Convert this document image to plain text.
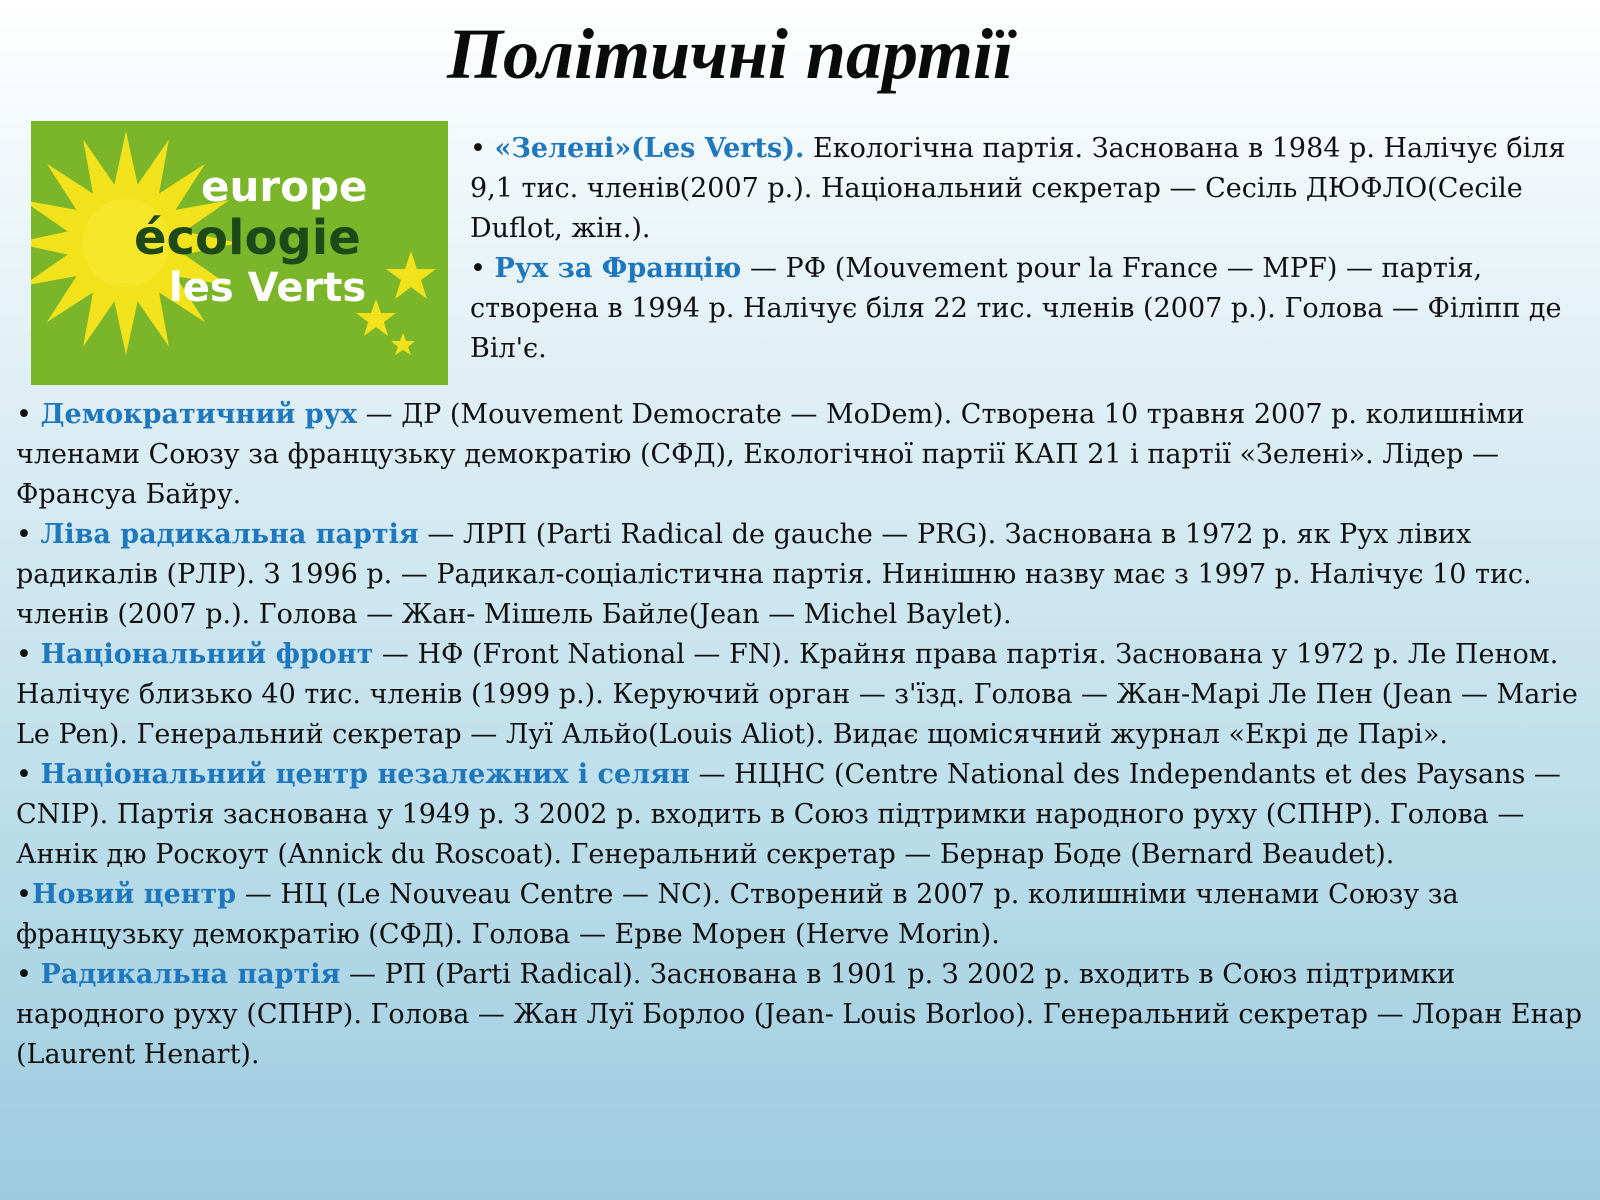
Політичні партії
europe
écologie
les Verts

• «Зелені»(Les Verts). Екологічна партія. Заснована в 1984 р. Налічує біля 9,1 тис. членів(2007 р.). Національний секретар — Сесіль ДЮФЛО(Cecile Duflot, жін.).

• Рух за Францію — РФ (Mouvement pour la France — MPF) — партія, створена в 1994 р. Налічує біля 22 тис. членів (2007 р.). Голова — Філіпп де Віл'є.

• Демократичний рух — ДР (Mouvement Democrate — MoDem). Створена 10 травня 2007 р. колишніми членами Союзу за французьку демократію (СФД), Екологічної партії КАП 21 і партії «Зелені». Лідер — Франсуа Байру.

• Ліва радикальна партія — ЛРП (Parti Radical de gauche — PRG). Заснована в 1972 р. як Рух лівих радикалів (РЛР). З 1996 р. — Радикал-соціалістична партія. Нинішню назву має з 1997 р. Налічує 10 тис. членів (2007 р.). Голова — Жан- Мішель Байле(Jean — Michel Baylet).

• Національний фронт — НФ (Front National — FN). Крайня права партія. Заснована у 1972 р. Ле Пеном. Налічує близько 40 тис. членів (1999 р.). Керуючий орган — з'їзд. Голова — Жан-Марі Ле Пен (Jean — Marie Le Pen). Генеральний секретар — Луї Альйо(Louis Aliot). Видає щомісячний журнал «Екрі де Парі».

• Національний центр незалежних і селян — НЦНС (Centre National des Independants et des Paysans — CNIP). Партія заснована у 1949 р. З 2002 р. входить в Союз підтримки народного руху (СПНР). Голова — Аннік дю Роскоут (Annick du Roscoat). Генеральний секретар — Бернар Боде (Bernard Beaudet).

•Новий центр — НЦ (Le Nouveau Centre — NC). Створений в 2007 р. колишніми членами Союзу за французьку демократію (СФД). Голова — Ерве Морен (Herve Morin).

• Радикальна партія — РП (Parti Radical). Заснована в 1901 р. З 2002 р. входить в Союз підтримки народного руху (СПНР). Голова — Жан Луї Борлоо (Jean- Louis Borloo). Генеральний секретар — Лоран Енар (Laurent Henart).
